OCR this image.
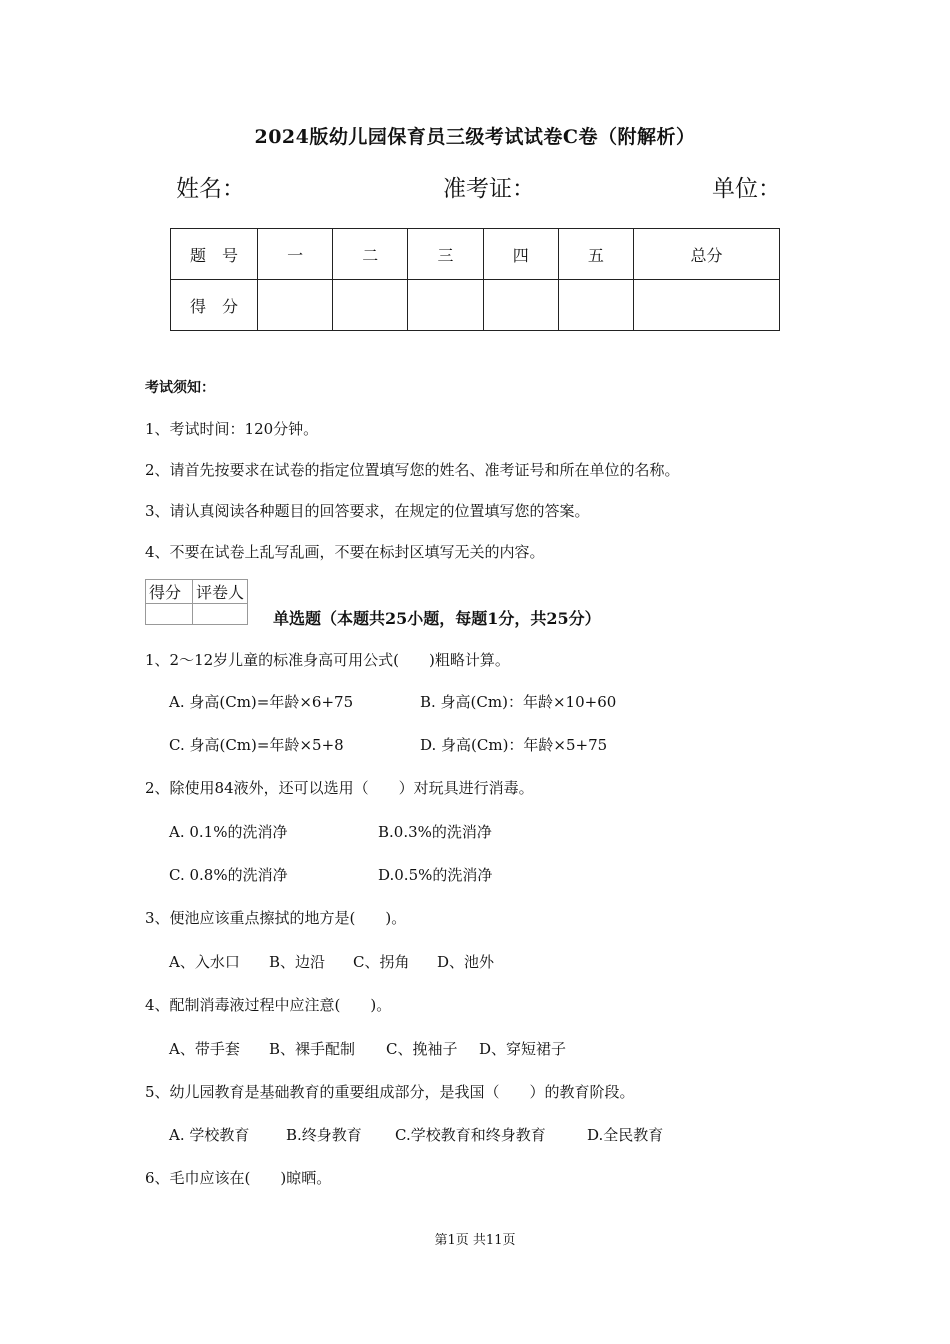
2024版幼儿园保育员三级考试试卷C卷（附解析）
姓名：	准考证：	单位：
题　号	一	二	三	四	五	总分
得　分						
考试须知：
1、考试时间：120分钟。
2、请首先按要求在试卷的指定位置填写您的姓名、准考证号和所在单位的名称。
3、请认真阅读各种题目的回答要求，在规定的位置填写您的答案。
4、不要在试卷上乱写乱画，不要在标封区填写无关的内容。
得分	评卷人

单选题（本题共25小题，每题1分，共25分）
1、2～12岁儿童的标准身高可用公式(　　)粗略计算。
A. 身高(Cm)=年龄×6+75	B. 身高(Cm)：年龄×10+60
C. 身高(Cm)=年龄×5+8	D. 身高(Cm)：年龄×5+75
2、除使用84液外，还可以选用（　　）对玩具进行消毒。
A. 0.1%的洗消净	B.0.3%的洗消净
C. 0.8%的洗消净	D.0.5%的洗消净
3、便池应该重点擦拭的地方是(　　)。
A、入水口 B、边沿 C、拐角 D、池外
4、配制消毒液过程中应注意(　　)。
A、带手套 B、裸手配制 C、挽袖子 D、穿短裙子
5、幼儿园教育是基础教育的重要组成部分，是我国（　　）的教育阶段。
A. 学校教育 B.终身教育 C.学校教育和终身教育	D.全民教育
6、毛巾应该在(　　)晾晒。
第1页 共11页
